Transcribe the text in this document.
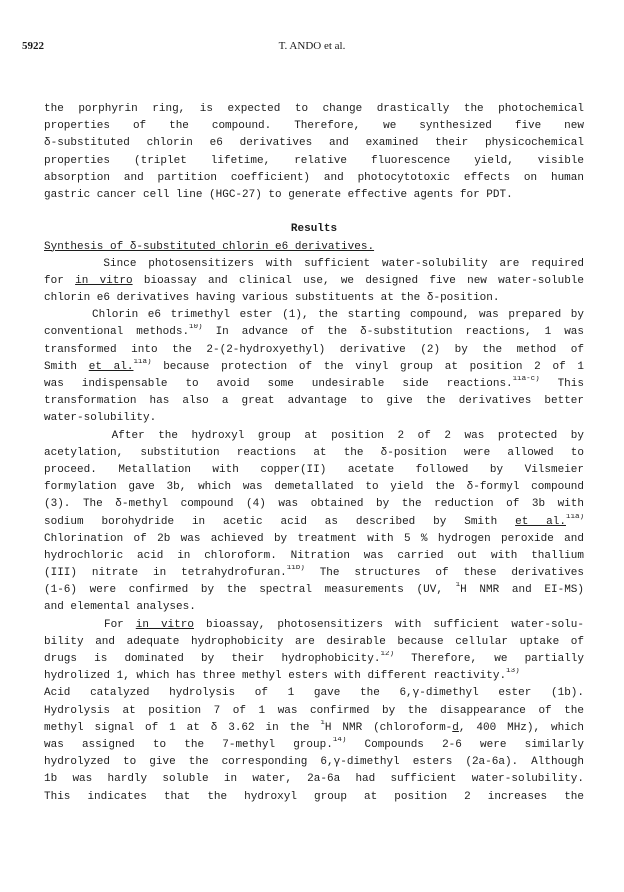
5922	T. ANDO et al.
the porphyrin ring, is expected to change drastically the photochemical
properties of the compound. Therefore, we synthesized five new
δ-substituted chlorin e6 derivatives and examined their physicochemical
properties (triplet lifetime, relative fluorescence yield, visible
absorption and partition coefficient) and photocytotoxic effects on human
gastric cancer cell line (HGC-27) to generate effective agents for PDT.
Results
Synthesis of δ-substituted chlorin e6 derivatives.
Since photosensitizers with sufficient water-solubility are required
for in vitro bioassay and clinical use, we designed five new water-soluble
chlorin e6 derivatives having various substituents at the δ-position.
Chlorin e6 trimethyl ester (1), the starting compound, was prepared by
conventional methods.$^{10)}$ In advance of the δ-substitution reactions, 1 was
transformed into the 2-(2-hydroxyethyl) derivative (2) by the method of
Smith et al.$^{11a)}$ because protection of the vinyl group at position 2 of 1
was indispensable to avoid some undesirable side reactions.$^{11a-c)}$ This
transformation has also a great advantage to give the derivatives better
water-solubility.
After the hydroxyl group at position 2 of 2 was protected by
acetylation, substitution reactions at the δ-position were allowed to
proceed. Metallation with copper(II) acetate followed by Vilsmeier
formylation gave 3b, which was demetallated to yield the δ-formyl compound
(3). The δ-methyl compound (4) was obtained by the reduction of 3b with
sodium borohydride in acetic acid as described by Smith et al.$^{11a)}$
Chlorination of 2b was achieved by treatment with 5 % hydrogen peroxide and
hydrochloric acid in chloroform. Nitration was carried out with thallium
(III) nitrate in tetrahydrofuran.$^{11b)}$ The structures of these derivatives
(1-6) were confirmed by the spectral measurements (UV, $^1$H NMR and EI-MS)
and elemental analyses.
For in vitro bioassay, photosensitizers with sufficient water-solu-
bility and adequate hydrophobicity are desirable because cellular uptake of
drugs is dominated by their hydrophobicity.$^{12)}$ Therefore, we partially
hydrolized 1, which has three methyl esters with different reactivity.$^{13)}$
Acid catalyzed hydrolysis of 1 gave the 6,γ-dimethyl ester (1b).
Hydrolysis at position 7 of 1 was confirmed by the disappearance of the
methyl signal of 1 at δ 3.62 in the $^1$H NMR (chloroform-d, 400 MHz), which
was assigned to the 7-methyl group.$^{14)}$ Compounds 2-6 were similarly
hydrolyzed to give the corresponding 6,γ-dimethyl esters (2a-6a). Although
1b was hardly soluble in water, 2a-6a had sufficient water-solubility.
This indicates that the hydroxyl group at position 2 increases the
